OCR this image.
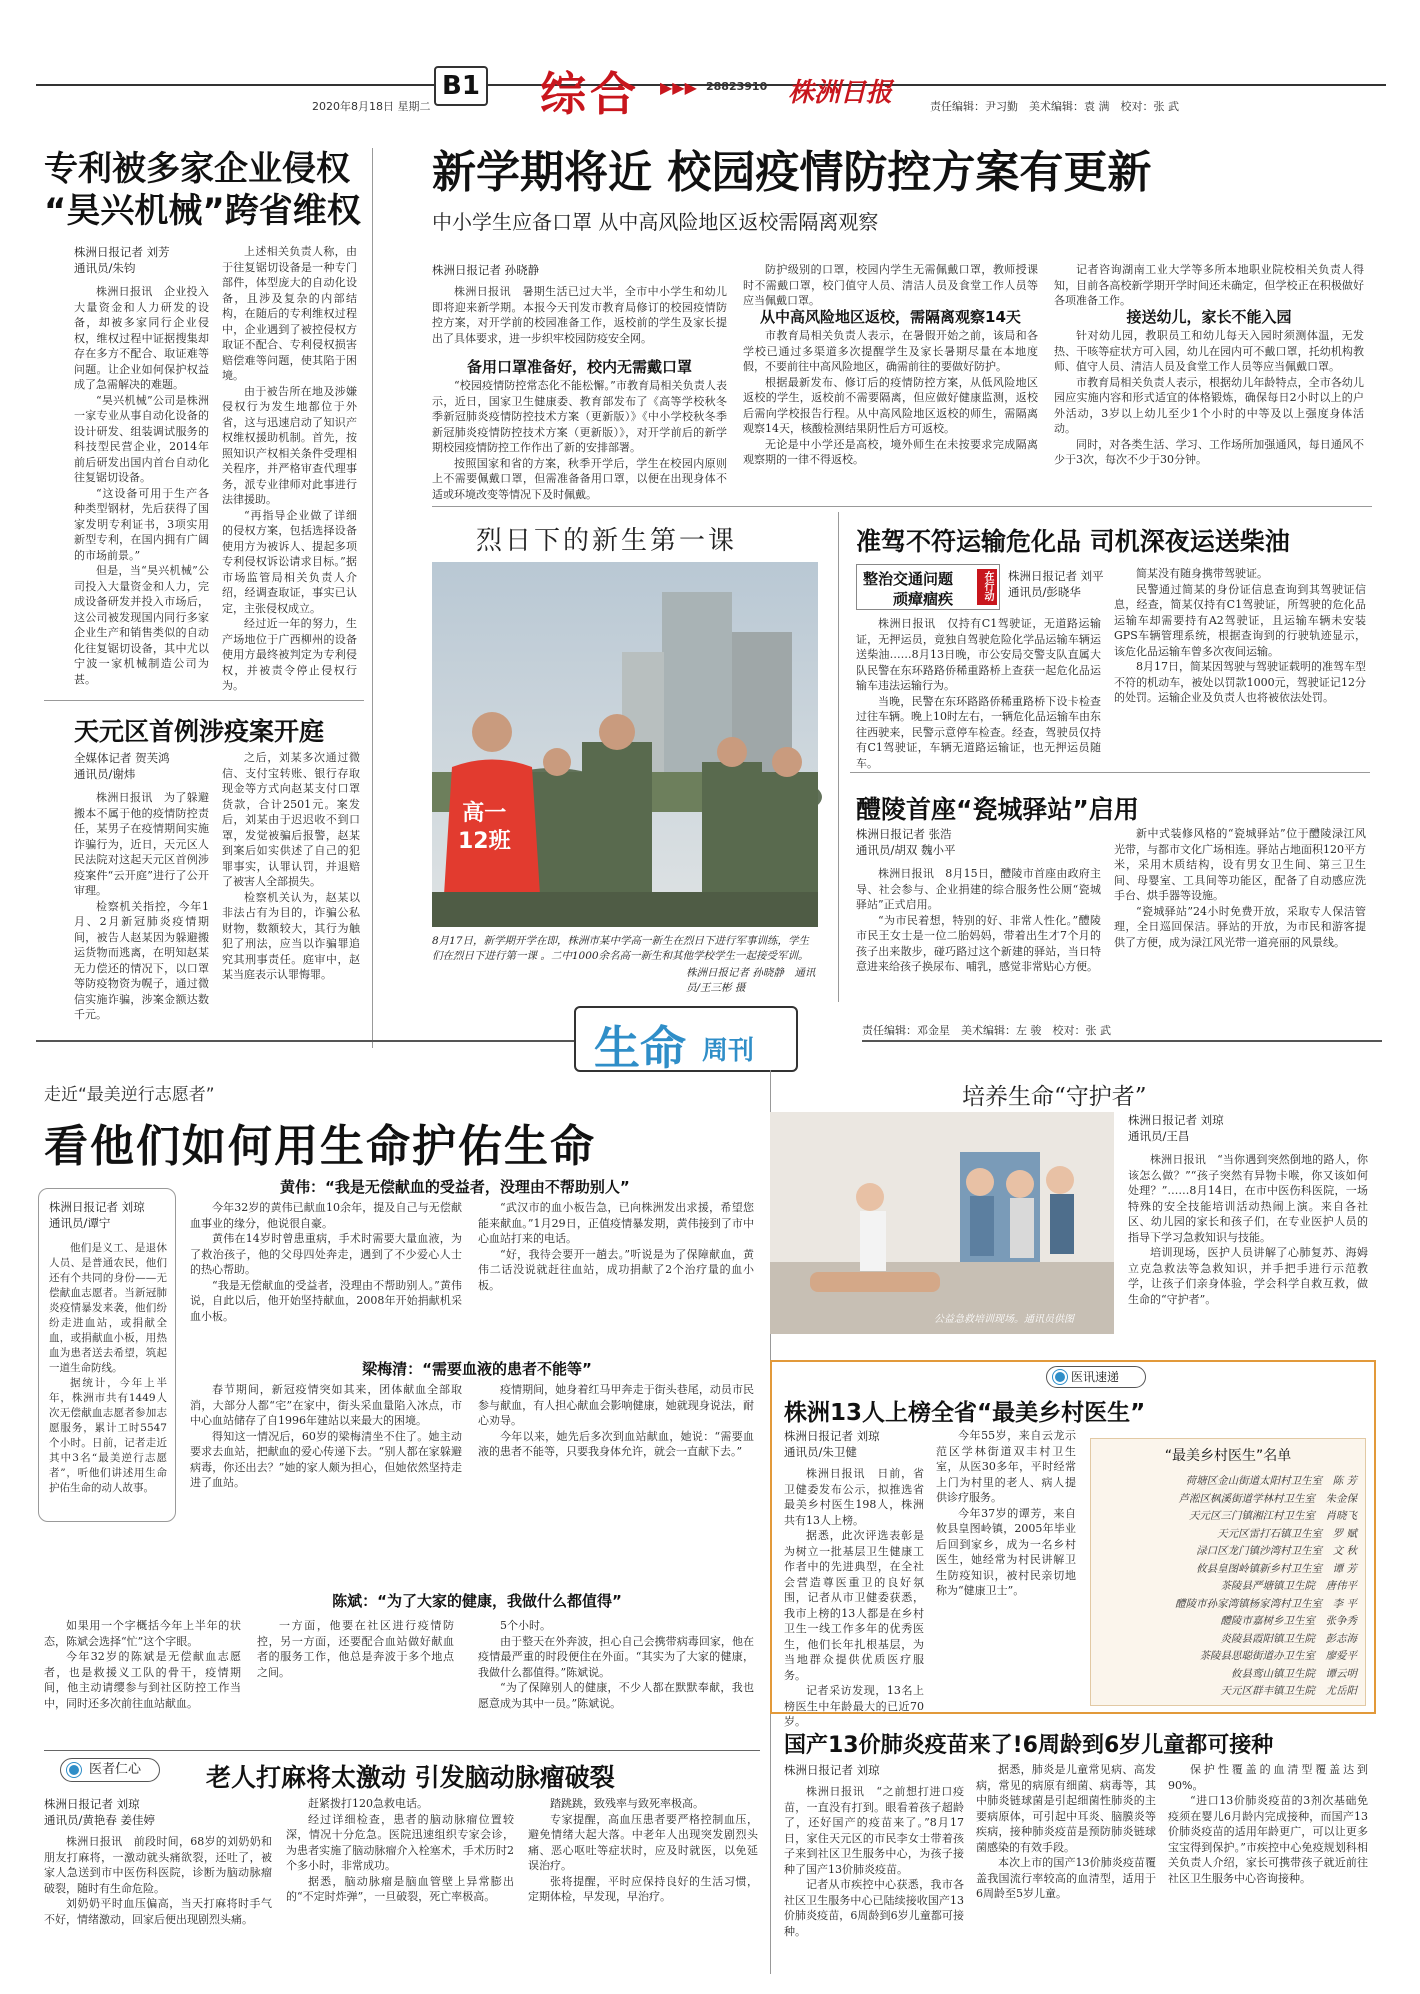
2020年8月18日 星期二
B1 综合 ▶▶▶ 28823910 株洲日报	责任编辑：尹习勤　美术编辑：袁 满　校对：张 武
专利被多家企业侵权
“昊兴机械”跨省维权
株洲日报记者 刘芳
通讯员/朱钧

株洲日报讯　企业投入大量资金和人力研发的设备，却被多家同行企业侵权，维权过程中证据搜集却存在多方不配合、取证难等问题。让企业如何保护权益成了急需解决的难题。

“昊兴机械”公司是株洲一家专业从事自动化设备的设计研发、组装调试服务的科技型民营企业，2014年前后研发出国内首台自动化往复锯切设备。

“这设备可用于生产各种类型钢材，先后获得了国家发明专利证书，3项实用新型专利，在国内拥有广阔的市场前景。”

但是，当“昊兴机械”公司投入大量资金和人力，完成设备研发并投入市场后，这公司被发现国内同行多家企业生产和销售类似的自动化往复锯切设备，其中尤以宁波一家机械制造公司为甚。

上述相关负责人称，由于往复锯切设备是一种专门部件，体型庞大的自动化设备，且涉及复杂的内部结构，在随后的专利维权过程中，企业遇到了被控侵权方取证不配合、专利侵权损害赔偿难等问题，使其陷于困境。

由于被告所在地及涉嫌侵权行为发生地都位于外省，这与迅速启动了知识产权维权援助机制。首先，按照知识产权相关条件受理相关程序，并严格审查代理事务，派专业律师对此事进行法律援助。

“再指导企业做了详细的侵权方案，包括选择设备使用方为被诉人、提起多项专利侵权诉讼请求目标。”据市场监管局相关负责人介绍，经调查取证，事实已认定，主张侵权成立。

经过近一年的努力，生产场地位于广西柳州的设备使用方最终被判定为专利侵权，并被责令停止侵权行为。

天元区首例涉疫案开庭
全媒体记者 贺芙鸿
通讯员/谢炜

株洲日报讯　为了躲避搬本不属于他的疫情防控责任，某男子在疫情期间实施诈骗行为，近日，天元区人民法院对这起天元区首例涉疫案件“云开庭”进行了公开审理。

检察机关指控，今年1月、2月新冠肺炎疫情期间，被告人赵某因为躲避搬运货物而逃离，在明知赵某无力偿还的情况下，以口罩等防疫物资为幌子，通过微信实施诈骗，涉案金额达数千元。

之后，刘某多次通过微信、支付宝转账、银行存取现金等方式向赵某支付口罩货款，合计2501元。案发后，刘某由于迟迟收不到口罩，发觉被骗后报警，赵某到案后如实供述了自己的犯罪事实，认罪认罚，并退赔了被害人全部损失。

检察机关认为，赵某以非法占有为目的，诈骗公私财物，数额较大，其行为触犯了刑法，应当以诈骗罪追究其刑事责任。庭审中，赵某当庭表示认罪悔罪。

新学期将近 校园疫情防控方案有更新
中小学生应备口罩 从中高风险地区返校需隔离观察
株洲日报记者 孙晓静

株洲日报讯　暑期生活已过大半，全市中小学生和幼儿即将迎来新学期。本报今天刊发市教育局修订的校园疫情防控方案，对开学前的校园准备工作，返校前的学生及家长提出了具体要求，进一步织牢校园防疫安全网。

备用口罩准备好，校内无需戴口罩

“校园疫情防控常态化不能松懈。”市教育局相关负责人表示，近日，国家卫生健康委、教育部发布了《高等学校秋冬季新冠肺炎疫情防控技术方案（更新版）》《中小学校秋冬季新冠肺炎疫情防控技术方案（更新版）》，对开学前后的新学期校园疫情防控工作作出了新的安排部署。

按照国家和省的方案，秋季开学后，学生在校园内原则上不需要佩戴口罩，但需准备备用口罩，以便在出现身体不适或环境改变等情况下及时佩戴。

防护级别的口罩，校园内学生无需佩戴口罩，教师授课时不需戴口罩，校门值守人员、清洁人员及食堂工作人员等应当佩戴口罩。

从中高风险地区返校，需隔离观察14天

市教育局相关负责人表示，在暑假开始之前，该局和各学校已通过多渠道多次提醒学生及家长暑期尽量在本地度假，不要前往中高风险地区，确需前往的要做好防护。

根据最新发布、修订后的疫情防控方案，从低风险地区返校的学生，返校前不需要隔离，但应做好健康监测，返校后需向学校报告行程。从中高风险地区返校的师生，需隔离观察14天，核酸检测结果阴性后方可返校。

无论是中小学还是高校，境外师生在未按要求完成隔离观察期的一律不得返校。

记者咨询湖南工业大学等多所本地职业院校相关负责人得知，目前各高校新学期开学时间还未确定，但学校正在积极做好各项准备工作。

接送幼儿，家长不能入园

针对幼儿园，教职员工和幼儿每天入园时须测体温，无发热、干咳等症状方可入园，幼儿在园内可不戴口罩，托幼机构教师、值守人员、清洁人员及食堂工作人员等应当佩戴口罩。

市教育局相关负责人表示，根据幼儿年龄特点，全市各幼儿园应实施内容和形式适宜的体格锻炼，确保每日2小时以上的户外活动，3岁以上幼儿至少1个小时的中等及以上强度身体活动。

同时，对各类生活、学习、工作场所加强通风，每日通风不少于3次，每次不少于30分钟。

烈日下的新生第一课
高一
12班
8月17日，新学期开学在即，株洲市某中学高一新生在烈日下进行军事训练，学生们在烈日下进行第一课 。二中1000余名高一新生和其他学校学生一起接受军训。
株洲日报记者 孙晓静　通讯员/王三彬 摄
准驾不符运输危化品 司机深夜运送柴油
整治交通问题
顽瘴痼疾	在行动	株洲日报记者 刘平
通讯员/彭晓华

株洲日报讯　仅持有C1驾驶证，无道路运输证，无押运员，竟独自驾驶危险化学品运输车辆运送柴油……8月13日晚，市公安局交警支队直属大队民警在东环路路侨稀重路桥上查获一起危化品运输车违法运输行为。

当晚，民警在东环路路侨稀重路桥下设卡检查过往车辆。晚上10时左右，一辆危化品运输车由东往西驶来，民警示意停车检查。经查，驾驶员仅持有C1驾驶证，车辆无道路运输证，也无押运员随车。

简某没有随身携带驾驶证。

民警通过简某的身份证信息查询到其驾驶证信息，经查，简某仅持有C1驾驶证，所驾驶的危化品运输车却需要持有A2驾驶证，且运输车辆未安装GPS车辆管理系统，根据查询到的行驶轨迹显示，该危化品运输车曾多次夜间运输。

8月17日，简某因驾驶与驾驶证载明的准驾车型不符的机动车，被处以罚款1000元，驾驶证记12分的处罚。运输企业及负责人也将被依法处罚。

醴陵首座“瓷城驿站”启用
株洲日报记者 张浩
通讯员/胡双 魏小平

株洲日报讯　8月15日，醴陵市首座由政府主导、社会参与、企业捐建的综合服务性公厕“瓷城驿站”正式启用。

“为市民着想，特别的好、非常人性化。”醴陵市民王女士是一位二胎妈妈，带着出生才7个月的孩子出来散步，碰巧路过这个新建的驿站，当日特意进来给孩子换尿布、哺乳，感觉非常贴心方便。

新中式装修风格的“瓷城驿站”位于醴陵渌江风光带，与都市文化广场相连。驿站占地面积120平方米，采用木质结构，设有男女卫生间、第三卫生间、母婴室、工具间等功能区，配备了自动感应洗手台、烘手器等设施。

“瓷城驿站”24小时免费开放，采取专人保洁管理，全日巡回保洁。驿站的开放，为市民和游客提供了方便，成为渌江风光带一道亮丽的风景线。

生命 周刊
责任编辑：邓金星　美术编辑：左 骏　校对：张 武
走近“最美逆行志愿者”
看他们如何用生命护佑生命
株洲日报记者 刘琼
通讯员/谭宁

他们是义工、是退休人员、是普通农民，他们还有个共同的身份——无偿献血志愿者。当新冠肺炎疫情暴发来袭，他们纷纷走进血站，或捐献全血，或捐献血小板，用热血为患者送去希望，筑起一道生命防线。

据统计，今年上半年，株洲市共有1449人次无偿献血志愿者参加志愿服务，累计工时5547个小时。日前，记者走近其中3名“最美逆行志愿者”，听他们讲述用生命护佑生命的动人故事。

黄伟：“我是无偿献血的受益者，没理由不帮助别人”

今年32岁的黄伟已献血10余年，提及自己与无偿献血事业的缘分，他说很自豪。

黄伟在14岁时曾患重病，手术时需要大量血液，为了救治孩子，他的父母四处奔走，遇到了不少爱心人士的热心帮助。

“我是无偿献血的受益者，没理由不帮助别人。”黄伟说，自此以后，他开始坚持献血，2008年开始捐献机采血小板。

“武汉市的血小板告急，已向株洲发出求援，希望您能来献血。”1月29日，正值疫情暴发期，黄伟接到了市中心血站打来的电话。

“好，我待会要开一趟去。”听说是为了保障献血，黄伟二话没说就赶往血站，成功捐献了2个治疗量的血小板。

梁梅清：“需要血液的患者不能等”

春节期间，新冠疫情突如其来，团体献血全部取消，大部分人都“宅”在家中，街头采血量陷入冰点，市中心血站储存了自1996年建站以来最大的困境。

得知这一情况后，60岁的梁梅清坐不住了。她主动要求去血站，把献血的爱心传递下去。“别人都在家躲避病毒，你还出去？”她的家人颇为担心，但她依然坚持走进了血站。

疫情期间，她身着红马甲奔走于街头巷尾，动员市民参与献血，有人担心献血会影响健康，她就现身说法，耐心劝导。

今年以来，她先后多次到血站献血，她说：“需要血液的患者不能等，只要我身体允许，就会一直献下去。”

陈斌：“为了大家的健康，我做什么都值得”

如果用一个字概括今年上半年的状态，陈斌会选择“忙”这个字眼。

今年32岁的陈斌是无偿献血志愿者，也是救援义工队的骨干，疫情期间，他主动请缨参与到社区防控工作当中，同时还多次前往血站献血。

一方面，他要在社区进行疫情防控，另一方面，还要配合血站做好献血者的服务工作，他总是奔波于多个地点之间。

5个小时。

由于整天在外奔波，担心自己会携带病毒回家，他在疫情最严重的时段便住在外面。“其实为了大家的健康，我做什么都值得。”陈斌说。

“为了保障别人的健康，不少人都在默默奉献，我也愿意成为其中一员。”陈斌说。

培养生命“守护者”
株洲日报记者 刘琼
通讯员/王昌
公益急救培训现场。通讯员供图

株洲日报讯　“当你遇到突然倒地的路人，你该怎么做？”“孩子突然有异物卡喉，你又该如何处理？”……8月14日，在市中医伤科医院，一场特殊的安全技能培训活动热闹上演。来自各社区、幼儿园的家长和孩子们，在专业医护人员的指导下学习急救知识与技能。

培训现场，医护人员讲解了心肺复苏、海姆立克急救法等急救知识，并手把手进行示范教学，让孩子们亲身体验，学会科学自救互救，做生命的“守护者”。

医讯速递
株洲13人上榜全省“最美乡村医生”
株洲日报记者 刘琼
通讯员/朱卫健

株洲日报讯　日前，省卫健委发布公示，拟推选省最美乡村医生198人，株洲共有13人上榜。

据悉，此次评选表彰是为树立一批基层卫生健康工作者中的先进典型，在全社会营造尊医重卫的良好氛围，记者从市卫健委获悉，我市上榜的13人都是在乡村卫生一线工作多年的优秀医生，他们长年扎根基层，为当地群众提供优质医疗服务。

记者采访发现，13名上榜医生中年龄最大的已近70岁。

今年55岁，来自云龙示范区学林街道双丰村卫生室，从医30多年，平时经常上门为村里的老人、病人提供诊疗服务。

今年37岁的谭芳，来自攸县皇图岭镇，2005年毕业后回到家乡，成为一名乡村医生，她经常为村民讲解卫生防疫知识，被村民亲切地称为“健康卫士”。

“最美乡村医生”名单
荷塘区金山街道太阳村卫生室　陈 芳
芦淞区枫溪街道学林村卫生室　朱金保
天元区三门镇湘江村卫生室　肖晓飞
天元区雷打石镇卫生室　罗 赋
渌口区龙门镇沙湾村卫生室　文 秋
攸县皇图岭镇新乡村卫生室　谭 芳
茶陵县严塘镇卫生院　唐伟平
醴陵市孙家湾镇杨家湾村卫生室　李 平
醴陵市嘉树乡卫生室　张争秀
炎陵县霞阳镇卫生院　彭志海
茶陵县思聪街道办卫生室　廖爱平
攸县鸾山镇卫生院　谭云明
天元区群丰镇卫生院　尤岳阳
国产13价肺炎疫苗来了!6周龄到6岁儿童都可接种
株洲日报记者 刘琼

株洲日报讯　“之前想打进口疫苗，一直没有打到。眼看着孩子超龄了，还好国产的疫苗来了。”8月17日，家住天元区的市民李女士带着孩子来到社区卫生服务中心，为孩子接种了国产13价肺炎疫苗。

记者从市疾控中心获悉，我市各社区卫生服务中心已陆续接收国产13价肺炎疫苗，6周龄到6岁儿童都可接种。

据悉，肺炎是儿童常见病、高发病，常见的病原有细菌、病毒等，其中肺炎链球菌是引起细菌性肺炎的主要病原体，可引起中耳炎、脑膜炎等疾病，接种肺炎疫苗是预防肺炎链球菌感染的有效手段。

本次上市的国产13价肺炎疫苗覆盖我国流行率较高的血清型，适用于6周龄至5岁儿童。

保护性覆盖的血清型覆盖达到90%。

“进口13价肺炎疫苗的3剂次基础免疫须在婴儿6月龄内完成接种，而国产13价肺炎疫苗的适用年龄更广，可以让更多宝宝得到保护。”市疾控中心免疫规划科相关负责人介绍，家长可携带孩子就近前往社区卫生服务中心咨询接种。

医者仁心	老人打麻将太激动 引发脑动脉瘤破裂
株洲日报记者 刘琼
通讯员/黄艳春 姜佳婷

株洲日报讯　前段时间，68岁的刘奶奶和朋友打麻将，一激动就头痛欲裂，还吐了，被家人急送到市中医伤科医院，诊断为脑动脉瘤破裂，随时有生命危险。

刘奶奶平时血压偏高，当天打麻将时手气不好，情绪激动，回家后便出现剧烈头痛。

赶紧拨打120急救电话。

经过详细检查，患者的脑动脉瘤位置较深，情况十分危急。医院迅速组织专家会诊，为患者实施了脑动脉瘤介入栓塞术，手术历时2个多小时，非常成功。

据悉，脑动脉瘤是脑血管壁上异常膨出的“不定时炸弹”，一旦破裂，死亡率极高。

踏跳跳，致残率与致死率极高。

专家提醒，高血压患者要严格控制血压，避免情绪大起大落。中老年人出现突发剧烈头痛、恶心呕吐等症状时，应及时就医，以免延误治疗。

张将提醒，平时应保持良好的生活习惯，定期体检，早发现，早治疗。
